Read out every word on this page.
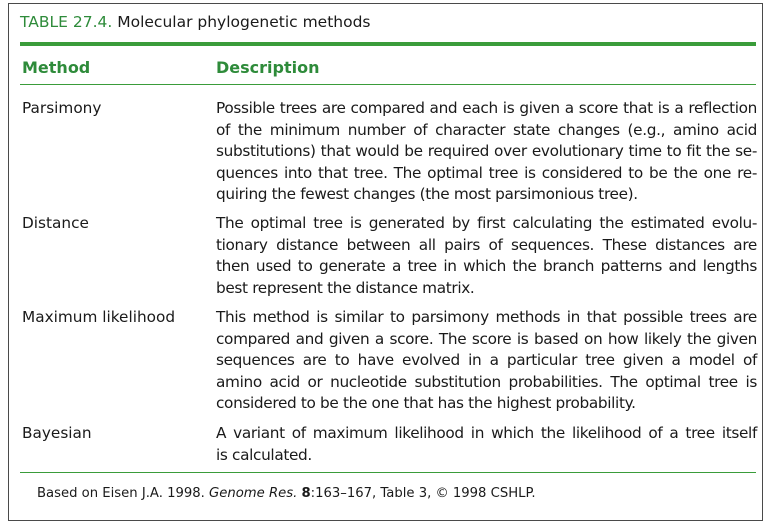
TABLE 27.4. Molecular phylogenetic methods
Method	Description
Parsimony	Possible trees are compared and each is given a score that is a reflection
of the minimum number of character state changes (e.g., amino acid
substitutions) that would be required over evolutionary time to fit the se-
quences into that tree. The optimal tree is considered to be the one re-
quiring the fewest changes (the most parsimonious tree).
Distance	The optimal tree is generated by first calculating the estimated evolu-
tionary distance between all pairs of sequences. These distances are
then used to generate a tree in which the branch patterns and lengths
best represent the distance matrix.
Maximum likelihood	This method is similar to parsimony methods in that possible trees are
compared and given a score. The score is based on how likely the given
sequences are to have evolved in a particular tree given a model of
amino acid or nucleotide substitution probabilities. The optimal tree is
considered to be the one that has the highest probability.
Bayesian	A variant of maximum likelihood in which the likelihood of a tree itself
is calculated.
Based on Eisen J.A. 1998. Genome Res. 8:163–167, Table 3, © 1998 CSHLP.
